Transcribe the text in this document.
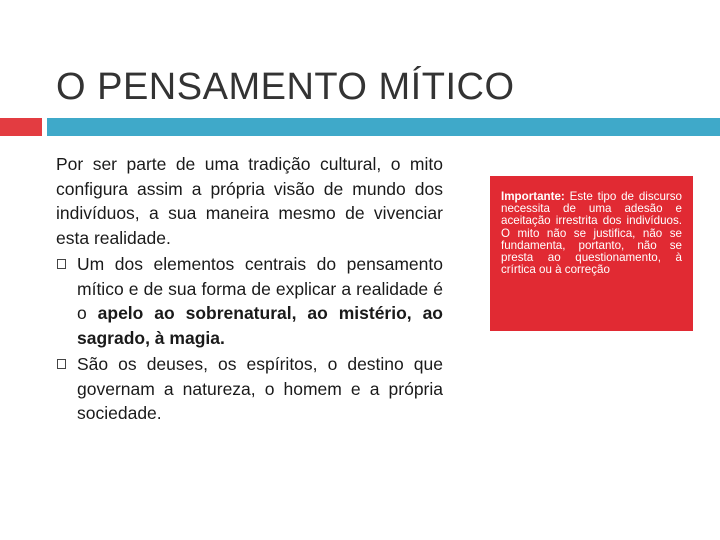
O PENSAMENTO MÍTICO

Por ser parte de uma tradição cultural, o mito configura assim a própria visão de mundo dos indivíduos, a sua maneira mesmo de vivenciar esta realidade.

Um dos elementos centrais do pensamento mítico e de sua forma de explicar a realidade é o apelo ao sobrenatural, ao mistério, ao sagrado, à magia.
São os deuses, os espíritos, o destino que governam a natureza, o homem e a própria sociedade.
Importante: Este tipo de discurso necessita de uma adesão e aceitação irrestrita dos indivíduos. O mito não se justifica, não se fundamenta, portanto, não se presta ao questionamento, à crírtica ou à correção
